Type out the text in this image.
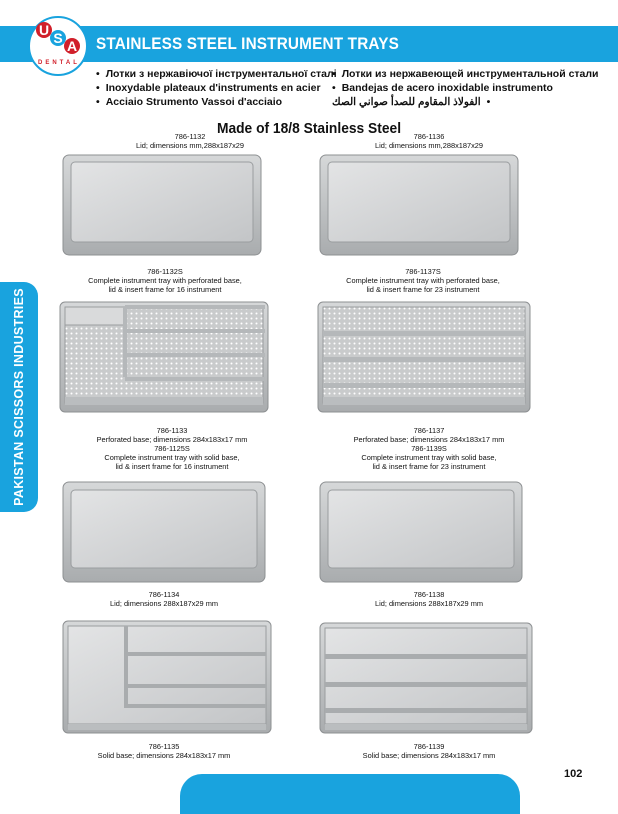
PAKISTAN SCISSORS INDUSTRIES
U S A
DENTAL
STAINLESS STEEL INSTRUMENT TRAYS
• Лотки з нержавіючої інструментальної сталі
• Inoxydable plateaux d'instruments en acier
• Acciaio Strumento Vassoi d'acciaio
• Лотки из нержавеющей инструментальной стали
• Bandejas de acero inoxidable instrumento
•الفولاذ المقاوم للصدأ صواني الصك
Made of 18/8 Stainless Steel
786-1132
Lid; dimensions mm,288x187x29
786-1136
Lid; dimensions mm,288x187x29
786-1132S
Complete instrument tray with perforated base,
lid & insert frame for 16 instrument
786-1137S
Complete instrument tray with perforated base,
lid & insert frame for 23 instrument
786-1133
Perforated base; dimensions 284x183x17 mm
786-1125S
Complete instrument tray with solid base,
lid & insert frame for 16 instrument
786-1137
Perforated base; dimensions 284x183x17 mm
786-1139S
Complete instrument tray with solid base,
lid & insert frame for 23 instrument
786-1134
Lid; dimensions 288x187x29 mm
786-1138
Lid; dimensions 288x187x29 mm
786-1135
Solid base; dimensions 284x183x17 mm
786-1139
Solid base; dimensions 284x183x17 mm
102
